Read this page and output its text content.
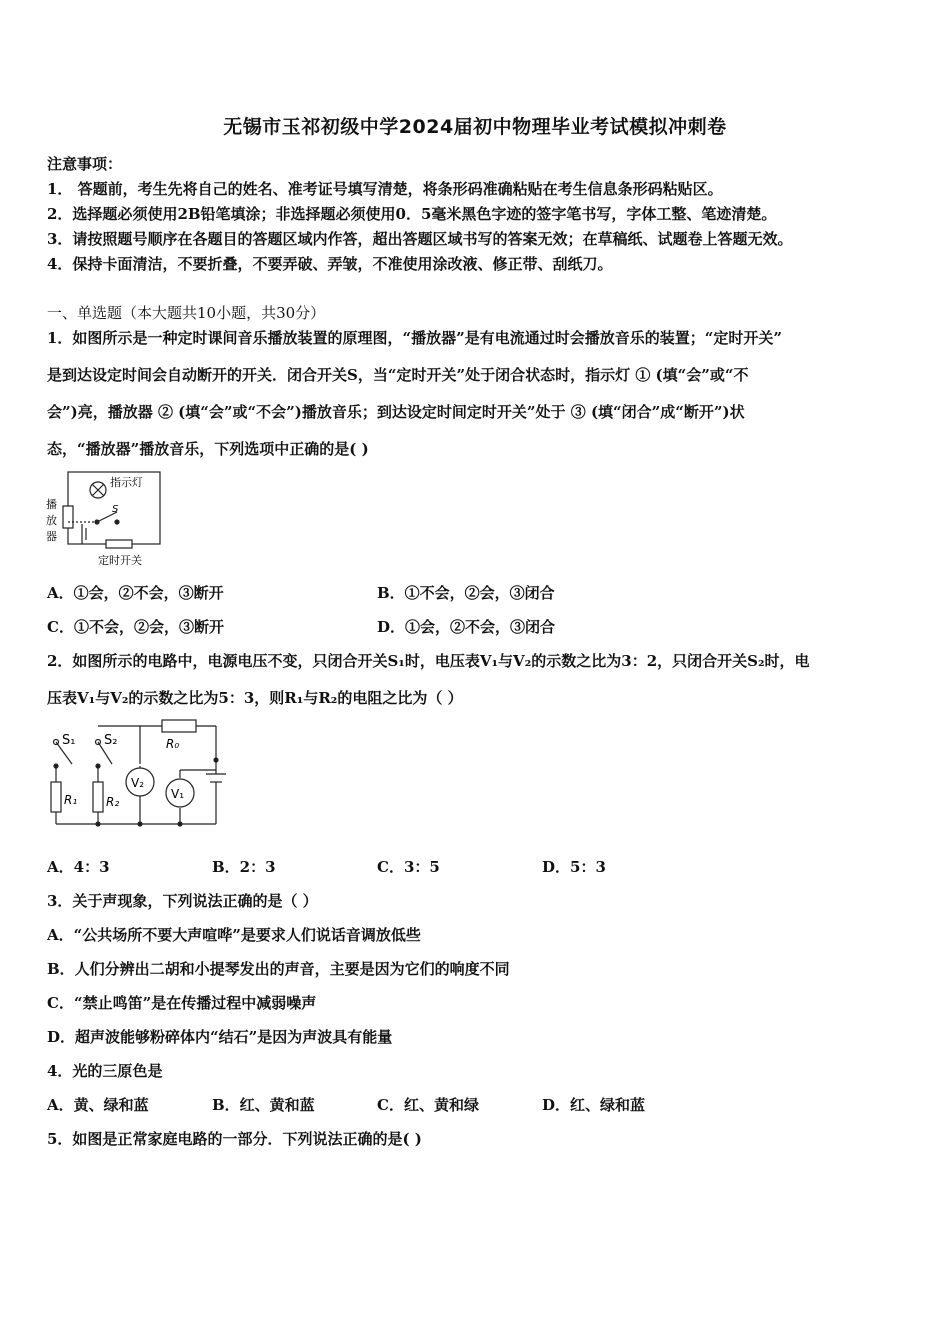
无锡市玉祁初级中学2024届初中物理毕业考试模拟冲刺卷
注意事项：
1． 答题前，考生先将自己的姓名、准考证号填写清楚，将条形码准确粘贴在考生信息条形码粘贴区。
2．选择题必须使用2B铅笔填涂；非选择题必须使用0．5毫米黑色字迹的签字笔书写，字体工整、笔迹清楚。
3．请按照题号顺序在各题目的答题区域内作答，超出答题区域书写的答案无效；在草稿纸、试题卷上答题无效。
4．保持卡面清洁，不要折叠，不要弄破、弄皱，不准使用涂改液、修正带、刮纸刀。
一、单选题（本大题共10小题，共30分）
1．如图所示是一种定时课间音乐播放装置的原理图，“播放器”是有电流通过时会播放音乐的装置；“定时开关”
是到达设定时间会自动断开的开关．闭合开关S，当“定时开关”处于闭合状态时，指示灯 ① (填“会”或“不
会”)亮，播放器 ② (填“会”或“不会”)播放音乐；到达设定时间定时开关”处于 ③ (填“闭合”成“断开”)状
态，“播放器”播放音乐，下列选项中正确的是( )
指示灯
S
播
放
器
定时开关
A．①会，②不会，③断开	B．①不会，②会，③闭合
C．①不会，②会，③断开	D．①会，②不会，③闭合
2．如图所示的电路中，电源电压不变，只闭合开关S₁时，电压表V₁与V₂的示数之比为3：2，只闭合开关S₂时，电
压表V₁与V₂的示数之比为5：3，则R₁与R₂的电阻之比为（ ）
S₁ S₂	R₀
R₁ R₂
V₂
V₁
A．4：3	B．2：3	C．3：5	D．5：3
3．关于声现象，下列说法正确的是（ ）
A．“公共场所不要大声喧哗”是要求人们说话音调放低些
B．人们分辨出二胡和小提琴发出的声音，主要是因为它们的响度不同
C．“禁止鸣笛”是在传播过程中减弱噪声
D．超声波能够粉碎体内“结石”是因为声波具有能量
4．光的三原色是
A．黄、绿和蓝	B．红、黄和蓝	C．红、黄和绿	D．红、绿和蓝
5．如图是正常家庭电路的一部分．下列说法正确的是( )
